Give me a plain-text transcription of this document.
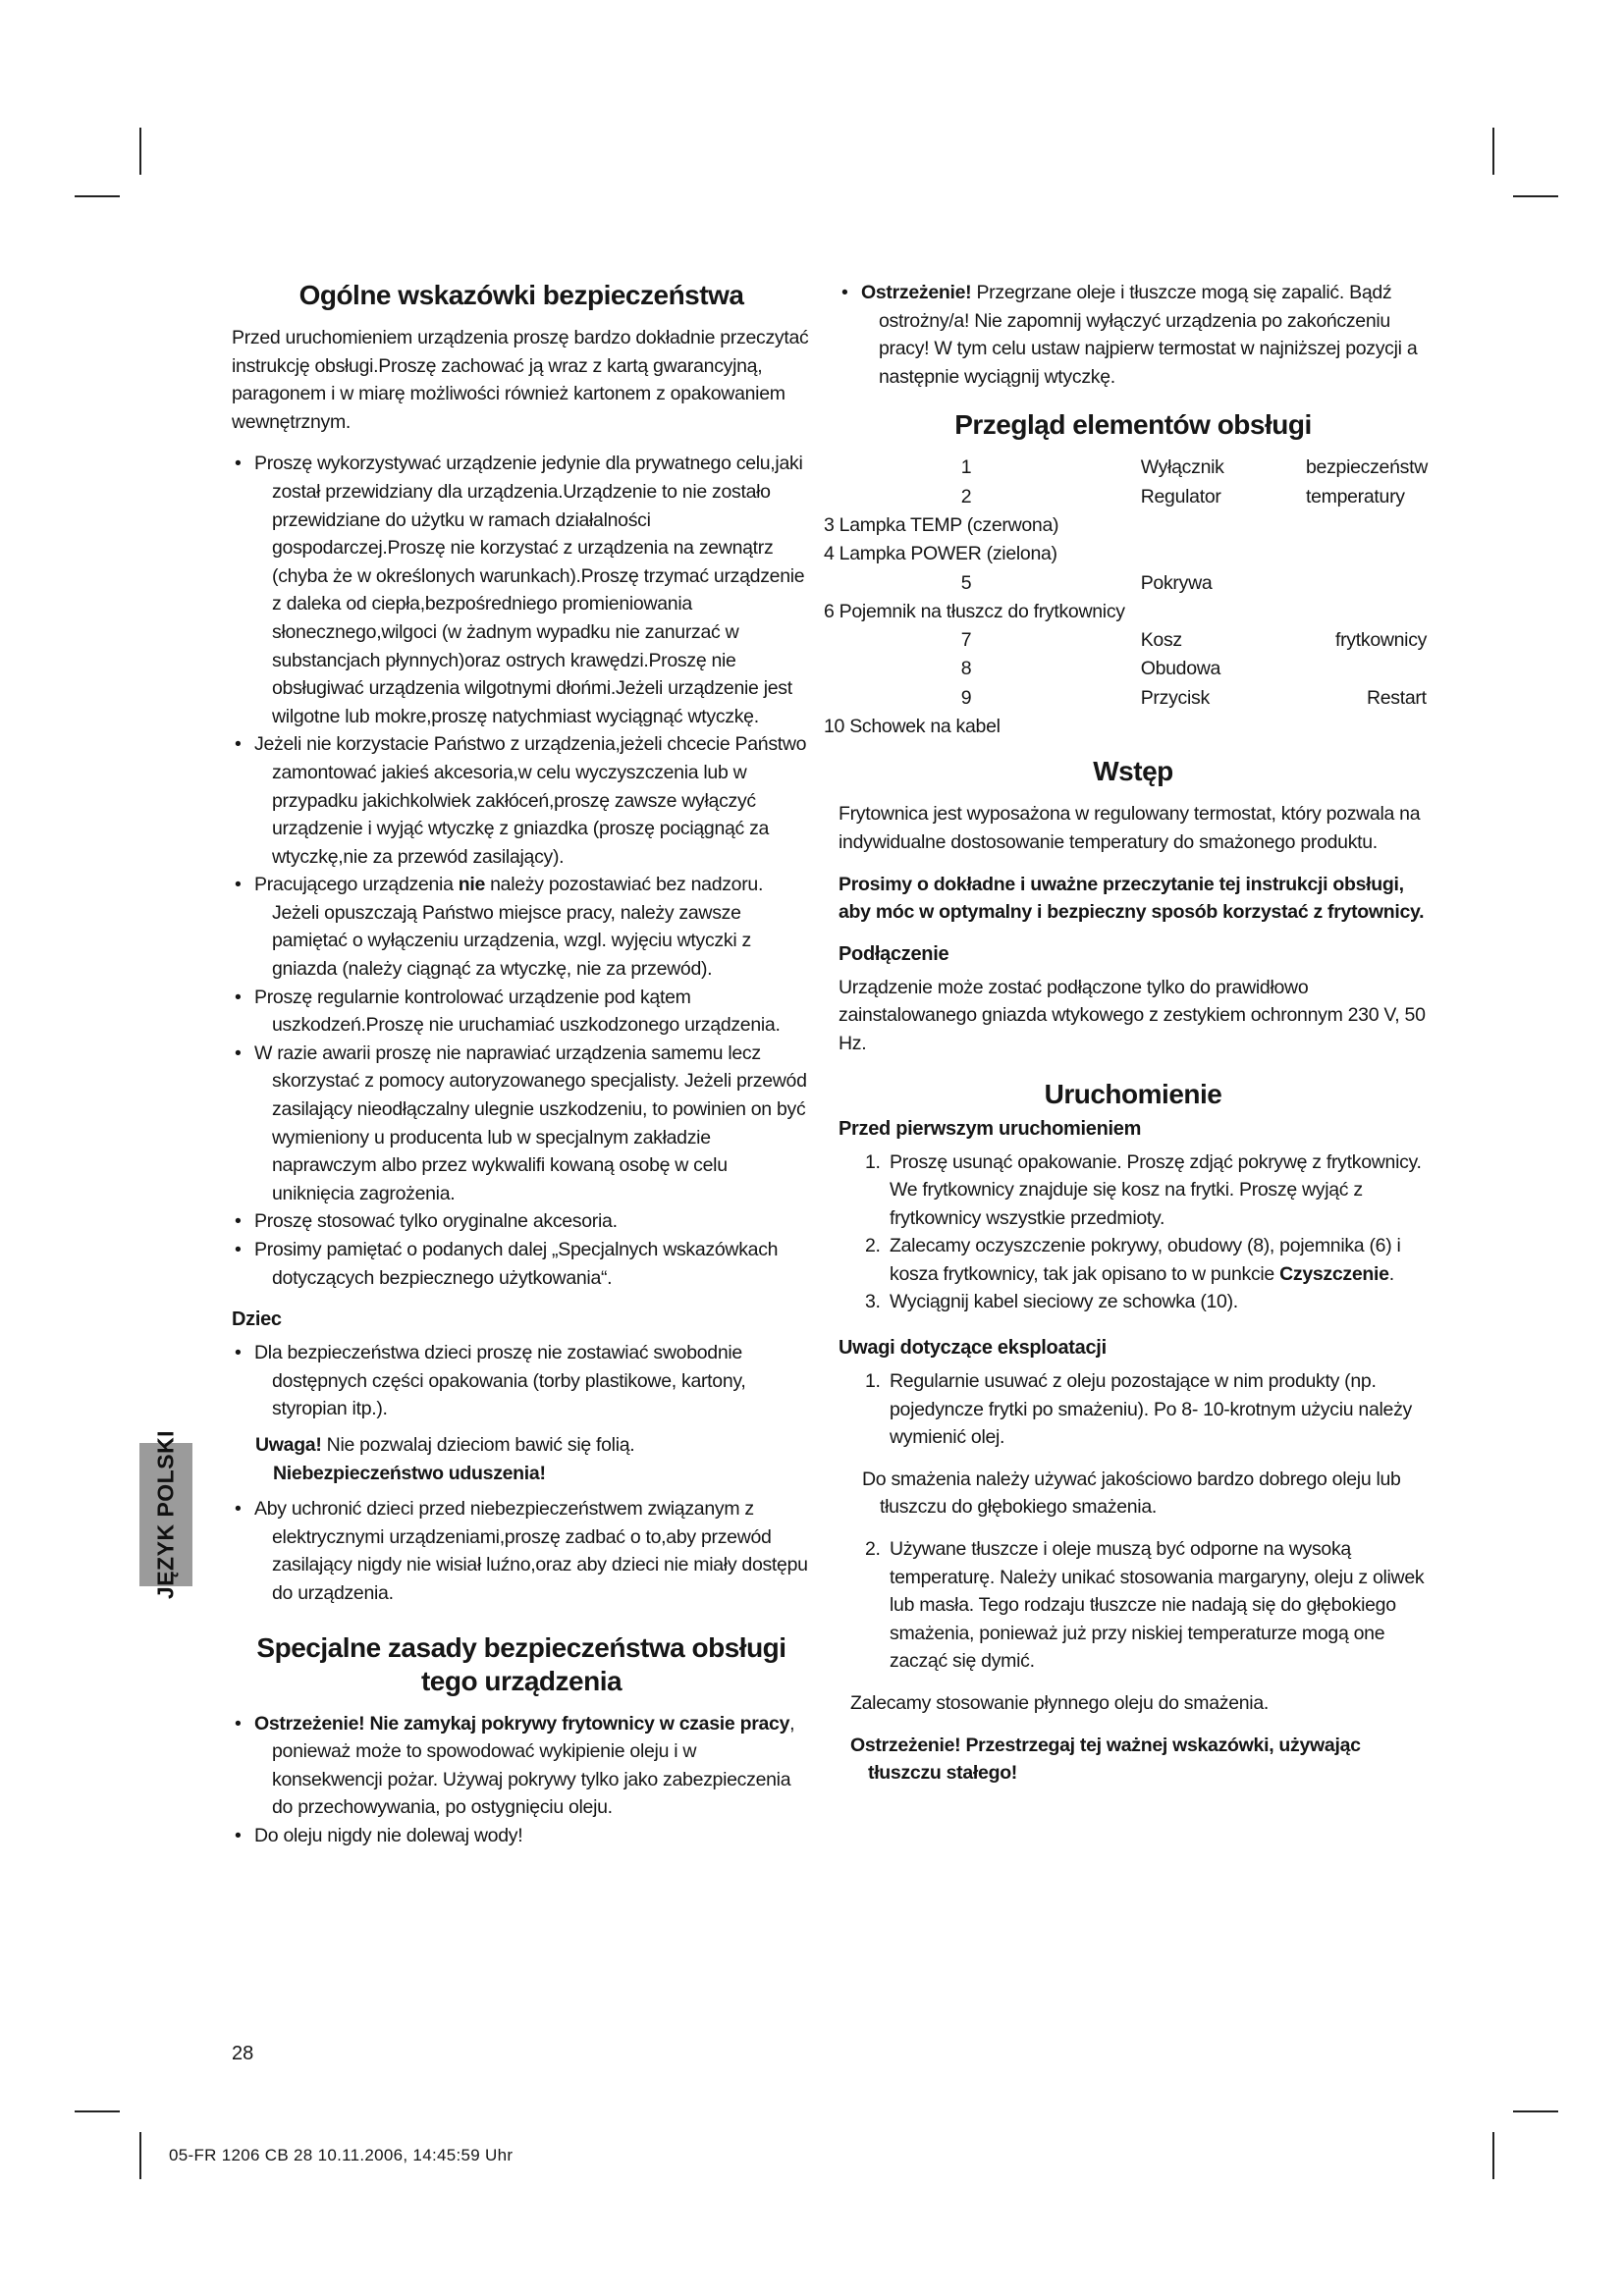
JĘZYK POLSKI
Ogólne wskazówki bezpieczeństwa

Przed uruchomieniem urządzenia proszę bardzo dokładnie przeczytać instrukcję obsługi.Proszę zachować ją wraz z kartą gwarancyjną, paragonem i w miarę możliwości również kartonem z opakowaniem wewnętrznym.

• Proszę wykorzystywać urządzenie jedynie dla prywatnego celu,jaki został przewidziany dla urządzenia.Urządzenie to nie zostało przewidziane do użytku w ramach działalności gospodarczej.Proszę nie korzystać z urządzenia na zewnątrz (chyba że w określonych warunkach).Proszę trzymać urządzenie z daleka od ciepła,bezpośredniego promieniowania słonecznego,wilgoci (w żadnym wypadku nie zanurzać w substancjach płynnych)oraz ostrych krawędzi.Proszę nie obsługiwać urządzenia wilgotnymi dłońmi.Jeżeli urządzenie jest wilgotne lub mokre,proszę natychmiast wyciągnąć wtyczkę.
• Jeżeli nie korzystacie Państwo z urządzenia,jeżeli chcecie Państwo zamontować jakieś akcesoria,w celu wyczyszczenia lub w przypadku jakichkolwiek zakłóceń,proszę zawsze wyłączyć urządzenie i wyjąć wtyczkę z gniazdka (proszę pociągnąć za wtyczkę,nie za przewód zasilający).
• Pracującego urządzenia nie należy pozostawiać bez nadzoru. Jeżeli opuszczają Państwo miejsce pracy, należy zawsze pamiętać o wyłączeniu urządzenia, wzgl. wyjęciu wtyczki z gniazda (należy ciągnąć za wtyczkę, nie za przewód).
• Proszę regularnie kontrolować urządzenie pod kątem uszkodzeń.Proszę nie uruchamiać uszkodzonego urządzenia.
• W razie awarii proszę nie naprawiać urządzenia samemu lecz skorzystać z pomocy autoryzowanego specjalisty. Jeżeli przewód zasilający nieodłączalny ulegnie uszkodzeniu, to powinien on być wymieniony u producenta lub w specjalnym zakładzie naprawczym albo przez wykwalifi kowaną osobę w celu uniknięcia zagrożenia.
• Proszę stosować tylko oryginalne akcesoria.
• Prosimy pamiętać o podanych dalej „Specjalnych wskazówkach dotyczących bezpiecznego użytkowania“.
Dziec
• Dla bezpieczeństwa dzieci proszę nie zostawiać swobodnie dostępnych części opakowania (torby plastikowe, kartony, styropian itp.).

Uwaga! Nie pozwalaj dzieciom bawić się folią.
Niebezpieczeństwo uduszenia!

• Aby uchronić dzieci przed niebezpieczeństwem związanym z elektrycznymi urządzeniami,proszę zadbać o to,aby przewód zasilający nigdy nie wisiał luźno,oraz aby dzieci nie miały dostępu do urządzenia.
Specjalne zasady bezpieczeństwa obsługi tego urządzenia
• Ostrzeżenie! Nie zamykaj pokrywy frytownicy w czasie pracy, ponieważ może to spowodować wykipienie oleju i w konsekwencji pożar. Używaj pokrywy tylko jako zabezpieczenia do przechowywania, po ostygnięciu oleju.
• Do oleju nigdy nie dolewaj wody!
• Ostrzeżenie! Przegrzane oleje i tłuszcze mogą się zapalić. Bądź ostrożny/a! Nie zapomnij wyłączyć urządzenia po zakończeniu pracy! W tym celu ustaw najpierw termostat w najniższej pozycji a następnie wyciągnij wtyczkę.
Przegląd elementów obsługi
1		Wyłącznik	bezpieczeństw
2		Regulator	temperatury
3 Lampka TEMP (czerwona)			
4 Lampka POWER (zielona)			
5		Pokrywa	
6 Pojemnik na tłuszcz do frytkownicy			
7		Kosz	frytkownicy
8		Obudowa	
9		Przycisk	Restart
10 Schowek na kabel			
Wstęp

Frytownica jest wyposażona w regulowany termostat, który pozwala na indywidualne dostosowanie temperatury do smażonego produktu.

Prosimy o dokładne i uważne przeczytanie tej instrukcji obsługi, aby móc w optymalny i bezpieczny sposób korzystać z frytownicy.

Podłączenie

Urządzenie może zostać podłączone tylko do prawidłowo zainstalowanego gniazda wtykowego z zestykiem ochronnym 230 V, 50 Hz.

Uruchomienie
Przed pierwszym uruchomieniem
1. Proszę usunąć opakowanie. Proszę zdjąć pokrywę z frytkownicy. We frytkownicy znajduje się kosz na frytki. Proszę wyjąć z frytkownicy wszystkie przedmioty.
2. Zalecamy oczyszczenie pokrywy, obudowy (8), pojemnika (6) i kosza frytkownicy, tak jak opisano to w punkcie Czyszczenie.
3. Wyciągnij kabel sieciowy ze schowka (10).
Uwagi dotyczące eksploatacji
1. Regularnie usuwać z oleju pozostające w nim produkty (np. pojedyncze frytki po smażeniu). Po 8- 10-krotnym użyciu należy wymienić olej.

Do smażenia należy używać jakościowo bardzo dobrego oleju lub tłuszczu do głębokiego smażenia.

2. Używane tłuszcze i oleje muszą być odporne na wysoką temperaturę. Należy unikać stosowania margaryny, oleju z oliwek lub masła. Tego rodzaju tłuszcze nie nadają się do głębokiego smażenia, ponieważ już przy niskiej temperaturze mogą one zacząć się dymić.

Zalecamy stosowanie płynnego oleju do smażenia.

Ostrzeżenie! Przestrzegaj tej ważnej wskazówki, używając tłuszczu stałego!

28
05-FR 1206 CB 28 10.11.2006, 14:45:59 Uhr
